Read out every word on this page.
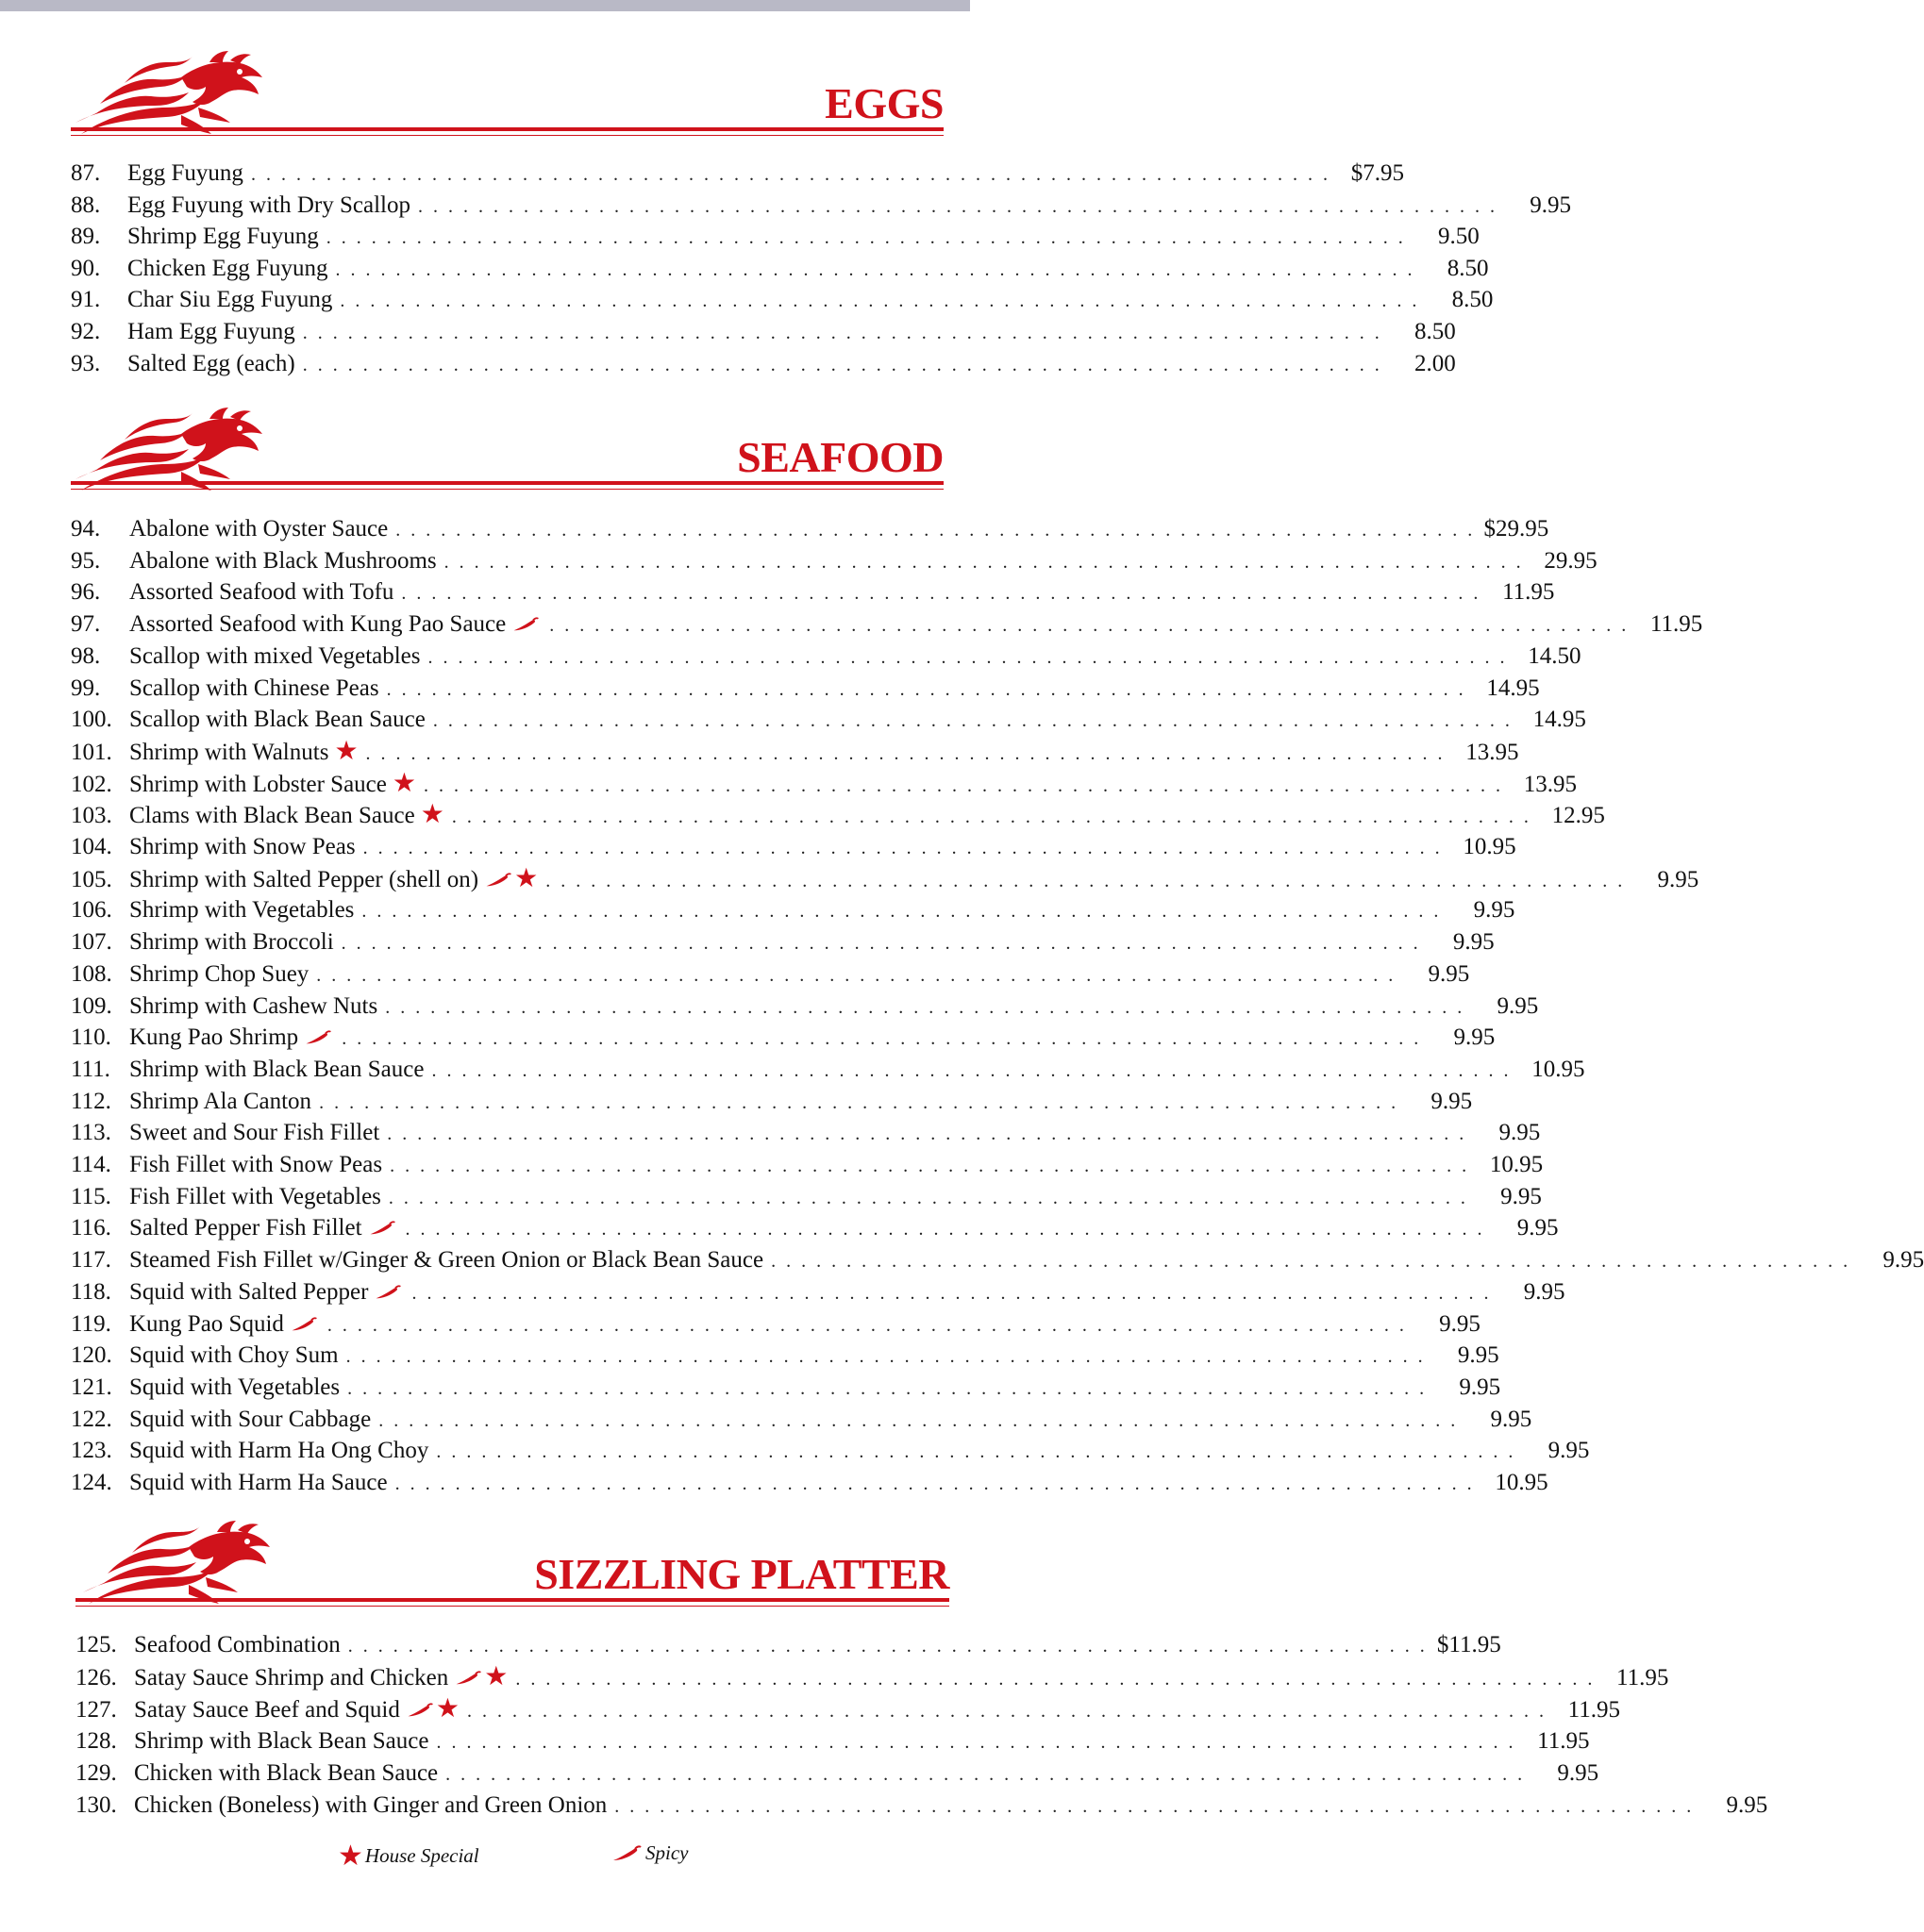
EGGS
87.	Egg Fuyung . . . . . . . . . . . . . . . . . . . . . . . . . . . . . . . . . . . . . . . . . . . . . . . . . . . . . . . . . . . . . . . . . . . . . . . . $7.95
88.	Egg Fuyung with Dry Scallop . . . . . . . . . . . . . . . . . . . . . . . . . . . . . . . . . . . . . . . . . . . . . . . . . . . . . . . . . . . . . . . . . . . . . . . .	9.95
89.	Shrimp Egg Fuyung . . . . . . . . . . . . . . . . . . . . . . . . . . . . . . . . . . . . . . . . . . . . . . . . . . . . . . . . . . . . . . . . . . . . . . . .	9.50
90.	Chicken Egg Fuyung . . . . . . . . . . . . . . . . . . . . . . . . . . . . . . . . . . . . . . . . . . . . . . . . . . . . . . . . . . . . . . . . . . . . . . . .	8.50
91.	Char Siu Egg Fuyung . . . . . . . . . . . . . . . . . . . . . . . . . . . . . . . . . . . . . . . . . . . . . . . . . . . . . . . . . . . . . . . . . . . . . . . .	8.50
92.	Ham Egg Fuyung . . . . . . . . . . . . . . . . . . . . . . . . . . . . . . . . . . . . . . . . . . . . . . . . . . . . . . . . . . . . . . . . . . . . . . . .	8.50
93.	Salted Egg (each) . . . . . . . . . . . . . . . . . . . . . . . . . . . . . . . . . . . . . . . . . . . . . . . . . . . . . . . . . . . . . . . . . . . . . . . .	2.00
SEAFOOD
94.	Abalone with Oyster Sauce . . . . . . . . . . . . . . . . . . . . . . . . . . . . . . . . . . . . . . . . . . . . . . . . . . . . . . . . . . . . . . . . . . . . . . . . $29.95
95.	Abalone with Black Mushrooms . . . . . . . . . . . . . . . . . . . . . . . . . . . . . . . . . . . . . . . . . . . . . . . . . . . . . . . . . . . . . . . . . . . . . . . . 29.95
96.	Assorted Seafood with Tofu . . . . . . . . . . . . . . . . . . . . . . . . . . . . . . . . . . . . . . . . . . . . . . . . . . . . . . . . . . . . . . . . . . . . . . . . 11.95
97.	Assorted Seafood with Kung Pao Sauce . . . . . . . . . . . . . . . . . . . . . . . . . . . . . . . . . . . . . . . . . . . . . . . . . . . . . . . . . . . . . . . . . . . . . . . . 11.95
98.	Scallop with mixed Vegetables . . . . . . . . . . . . . . . . . . . . . . . . . . . . . . . . . . . . . . . . . . . . . . . . . . . . . . . . . . . . . . . . . . . . . . . . 14.50
99.	Scallop with Chinese Peas . . . . . . . . . . . . . . . . . . . . . . . . . . . . . . . . . . . . . . . . . . . . . . . . . . . . . . . . . . . . . . . . . . . . . . . . 14.95
100. Scallop with Black Bean Sauce . . . . . . . . . . . . . . . . . . . . . . . . . . . . . . . . . . . . . . . . . . . . . . . . . . . . . . . . . . . . . . . . . . . . . . . . 14.95
101. Shrimp with Walnuts ★ . . . . . . . . . . . . . . . . . . . . . . . . . . . . . . . . . . . . . . . . . . . . . . . . . . . . . . . . . . . . . . . . . . . . . . . . 13.95
102. Shrimp with Lobster Sauce ★ . . . . . . . . . . . . . . . . . . . . . . . . . . . . . . . . . . . . . . . . . . . . . . . . . . . . . . . . . . . . . . . . . . . . . . . . 13.95
103. Clams with Black Bean Sauce ★ . . . . . . . . . . . . . . . . . . . . . . . . . . . . . . . . . . . . . . . . . . . . . . . . . . . . . . . . . . . . . . . . . . . . . . . . 12.95
104. Shrimp with Snow Peas . . . . . . . . . . . . . . . . . . . . . . . . . . . . . . . . . . . . . . . . . . . . . . . . . . . . . . . . . . . . . . . . . . . . . . . . 10.95
105. Shrimp with Salted Pepper (shell on)	★ . . . . . . . . . . . . . . . . . . . . . . . . . . . . . . . . . . . . . . . . . . . . . . . . . . . . . . . . . . . . . . . . . . . . . . . .	9.95
106. Shrimp with Vegetables . . . . . . . . . . . . . . . . . . . . . . . . . . . . . . . . . . . . . . . . . . . . . . . . . . . . . . . . . . . . . . . . . . . . . . . .	9.95
107. Shrimp with Broccoli . . . . . . . . . . . . . . . . . . . . . . . . . . . . . . . . . . . . . . . . . . . . . . . . . . . . . . . . . . . . . . . . . . . . . . . .	9.95
108. Shrimp Chop Suey . . . . . . . . . . . . . . . . . . . . . . . . . . . . . . . . . . . . . . . . . . . . . . . . . . . . . . . . . . . . . . . . . . . . . . . .	9.95
109. Shrimp with Cashew Nuts . . . . . . . . . . . . . . . . . . . . . . . . . . . . . . . . . . . . . . . . . . . . . . . . . . . . . . . . . . . . . . . . . . . . . . . .	9.95
110. Kung Pao Shrimp . . . . . . . . . . . . . . . . . . . . . . . . . . . . . . . . . . . . . . . . . . . . . . . . . . . . . . . . . . . . . . . . . . . . . . . .	9.95
111. Shrimp with Black Bean Sauce . . . . . . . . . . . . . . . . . . . . . . . . . . . . . . . . . . . . . . . . . . . . . . . . . . . . . . . . . . . . . . . . . . . . . . . . 10.95
112. Shrimp Ala Canton . . . . . . . . . . . . . . . . . . . . . . . . . . . . . . . . . . . . . . . . . . . . . . . . . . . . . . . . . . . . . . . . . . . . . . . .	9.95
113. Sweet and Sour Fish Fillet . . . . . . . . . . . . . . . . . . . . . . . . . . . . . . . . . . . . . . . . . . . . . . . . . . . . . . . . . . . . . . . . . . . . . . . .	9.95
114. Fish Fillet with Snow Peas . . . . . . . . . . . . . . . . . . . . . . . . . . . . . . . . . . . . . . . . . . . . . . . . . . . . . . . . . . . . . . . . . . . . . . . . 10.95
115. Fish Fillet with Vegetables . . . . . . . . . . . . . . . . . . . . . . . . . . . . . . . . . . . . . . . . . . . . . . . . . . . . . . . . . . . . . . . . . . . . . . . .	9.95
116. Salted Pepper Fish Fillet . . . . . . . . . . . . . . . . . . . . . . . . . . . . . . . . . . . . . . . . . . . . . . . . . . . . . . . . . . . . . . . . . . . . . . . .	9.95
117. Steamed Fish Fillet w/Ginger & Green Onion or Black Bean Sauce . . . . . . . . . . . . . . . . . . . . . . . . . . . . . . . . . . . . . . . . . . . . . . . . . . . . . . . . . . . . . . . . . . . . . . . .	9.95
118. Squid with Salted Pepper . . . . . . . . . . . . . . . . . . . . . . . . . . . . . . . . . . . . . . . . . . . . . . . . . . . . . . . . . . . . . . . . . . . . . . . .	9.95
119. Kung Pao Squid . . . . . . . . . . . . . . . . . . . . . . . . . . . . . . . . . . . . . . . . . . . . . . . . . . . . . . . . . . . . . . . . . . . . . . . .	9.95
120. Squid with Choy Sum . . . . . . . . . . . . . . . . . . . . . . . . . . . . . . . . . . . . . . . . . . . . . . . . . . . . . . . . . . . . . . . . . . . . . . . .	9.95
121. Squid with Vegetables . . . . . . . . . . . . . . . . . . . . . . . . . . . . . . . . . . . . . . . . . . . . . . . . . . . . . . . . . . . . . . . . . . . . . . . .	9.95
122. Squid with Sour Cabbage . . . . . . . . . . . . . . . . . . . . . . . . . . . . . . . . . . . . . . . . . . . . . . . . . . . . . . . . . . . . . . . . . . . . . . . .	9.95
123. Squid with Harm Ha Ong Choy . . . . . . . . . . . . . . . . . . . . . . . . . . . . . . . . . . . . . . . . . . . . . . . . . . . . . . . . . . . . . . . . . . . . . . . .	9.95
124. Squid with Harm Ha Sauce . . . . . . . . . . . . . . . . . . . . . . . . . . . . . . . . . . . . . . . . . . . . . . . . . . . . . . . . . . . . . . . . . . . . . . . . 10.95
SIZZLING PLATTER
125. Seafood Combination . . . . . . . . . . . . . . . . . . . . . . . . . . . . . . . . . . . . . . . . . . . . . . . . . . . . . . . . . . . . . . . . . . . . . . . . $11.95
126. Satay Sauce Shrimp and Chicken	★ . . . . . . . . . . . . . . . . . . . . . . . . . . . . . . . . . . . . . . . . . . . . . . . . . . . . . . . . . . . . . . . . . . . . . . . . 11.95
127. Satay Sauce Beef and Squid	★ . . . . . . . . . . . . . . . . . . . . . . . . . . . . . . . . . . . . . . . . . . . . . . . . . . . . . . . . . . . . . . . . . . . . . . . . 11.95
128. Shrimp with Black Bean Sauce . . . . . . . . . . . . . . . . . . . . . . . . . . . . . . . . . . . . . . . . . . . . . . . . . . . . . . . . . . . . . . . . . . . . . . . . 11.95
129. Chicken with Black Bean Sauce . . . . . . . . . . . . . . . . . . . . . . . . . . . . . . . . . . . . . . . . . . . . . . . . . . . . . . . . . . . . . . . . . . . . . . . .	9.95
130. Chicken (Boneless) with Ginger and Green Onion . . . . . . . . . . . . . . . . . . . . . . . . . . . . . . . . . . . . . . . . . . . . . . . . . . . . . . . . . . . . . . . . . . . . . . . .	9.95
★ House Special	Spicy
